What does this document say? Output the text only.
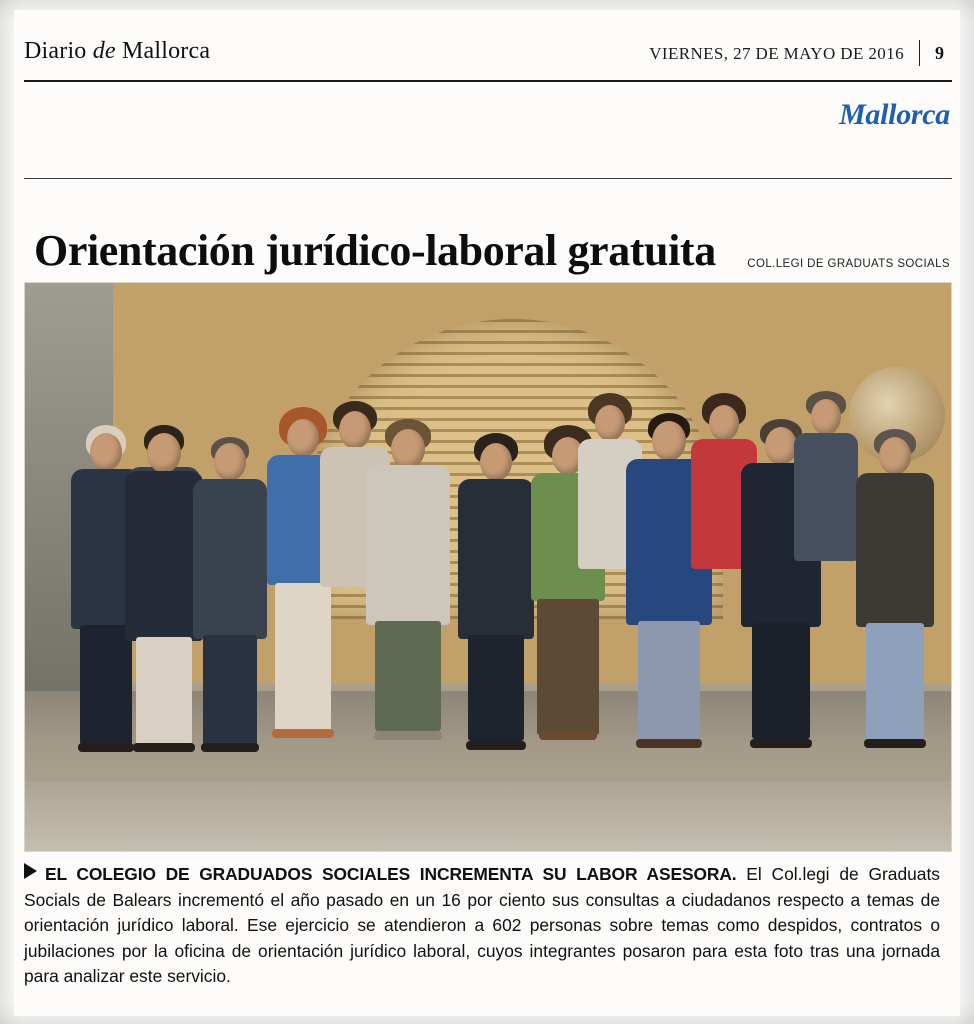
Diario de Mallorca	VIERNES, 27 DE MAYO DE 2016 9
Mallorca
Orientación jurídico-laboral gratuita	COL.LEGI DE GRADUATS SOCIALS
EL COLEGIO DE GRADUADOS SOCIALES INCREMENTA SU LABOR ASESORA. El Col.legi de Graduats Socials de Balears incrementó el año pasado en un 16 por ciento sus consultas a ciudadanos respecto a temas de orientación jurídico laboral. Ese ejercicio se atendieron a 602 personas sobre temas como despidos, contratos o jubilaciones por la oficina de orientación jurídico laboral, cuyos integrantes posaron para esta foto tras una jornada para analizar este servicio.
